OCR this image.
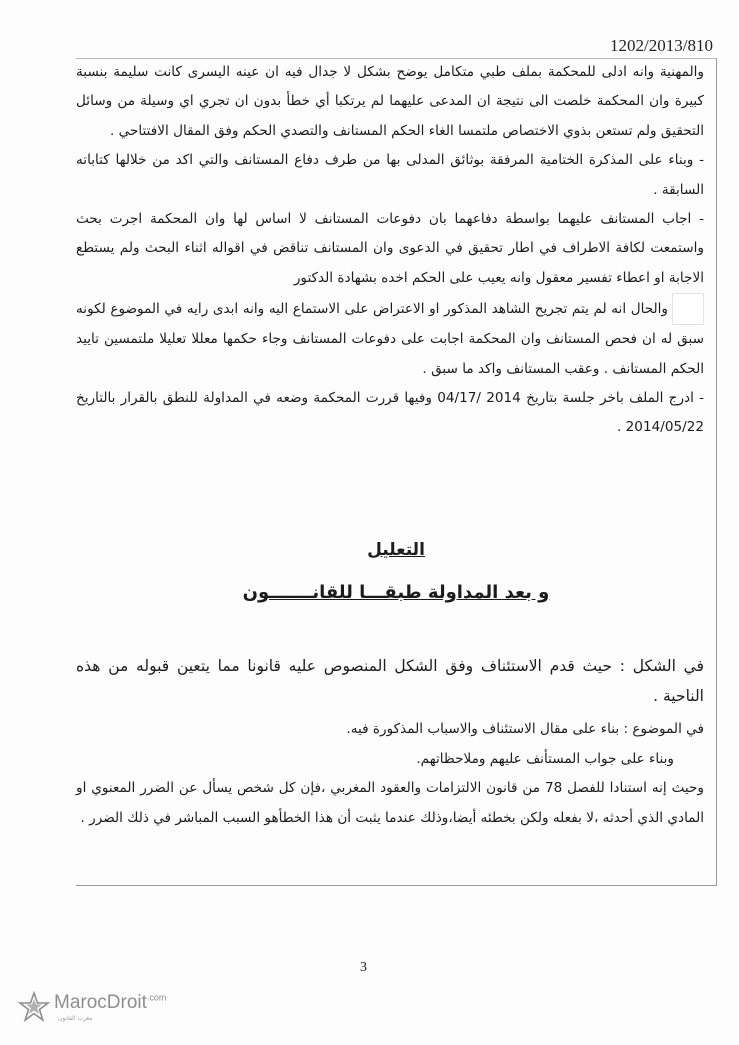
1202/2013/810

والمهنية وانه ادلى للمحكمة بملف طبي متكامل يوضح بشكل لا جدال فيه ان عينه اليسرى كانت سليمة بنسبة كبيرة وان المحكمة خلصت الى نتيجة ان المدعى عليهما لم يرتكبا أي خطأ بدون ان تجري اي وسيلة من وسائل التحقيق ولم تستعن بذوي الاختصاص ملتمسا الغاء الحكم المستانف والتصدي الحكم وفق المقال الافتتاحي .

- وبناء على المذكرة الختامية المرفقة بوثائق المدلى بها من طرف دفاع المستانف والتي اكد من خلالها كتاباته السابقة .

- اجاب المستانف عليهما بواسطة دفاعهما بان دفوعات المستانف لا اساس لها وان المحكمة اجرت بحث واستمعت لكافة الاطراف في اطار تحقيق في الدعوى وان المستانف تناقض في اقواله اثناء البحث ولم يستطع الاجابة او اعطاء تفسير معقول وانه يعيب على الحكم اخده بشهادة الدكتور

والحال انه لم يتم تجريح الشاهد المذكور او الاعتراض على الاستماع اليه وانه ابدى رايه في الموضوع لكونه سبق له ان فحص المستانف وان المحكمة اجابت على دفوعات المستانف وجاء حكمها معللا تعليلا ملتمسين تاييد الحكم المستانف . وعقب المستانف واكد ما سبق .

- ادرج الملف باخر جلسة بتاريخ 2014 /04/17 وفيها قررت المحكمة وضعه في المداولة للنطق بالقرار بالتاريخ 2014/05/22 .

التعليل
و بعد المداولة طبقـــا للقانـــــــون

في الشكل : حيث قدم الاستئناف وفق الشكل المنصوص عليه قانونا مما يتعين قبوله من هذه الناحية .

في الموضوع : بناء على مقال الاستئناف والاسباب المذكورة فيه.

وبناء على جواب المستأنف عليهم وملاحظاتهم.

وحيث إنه استنادا للفصل 78 من قانون الالتزامات والعقود المغربي ،فإن كل شخص يسأل عن الضرر المعنوي او المادي الذي أحدثه ،لا بفعله ولكن بخطئه أيضا،وذلك عندما يثبت أن هذا الخطأهو السبب المباشر في ذلك الضرر .

3
MarocDroit$^{.com}$
مغرب القانون
